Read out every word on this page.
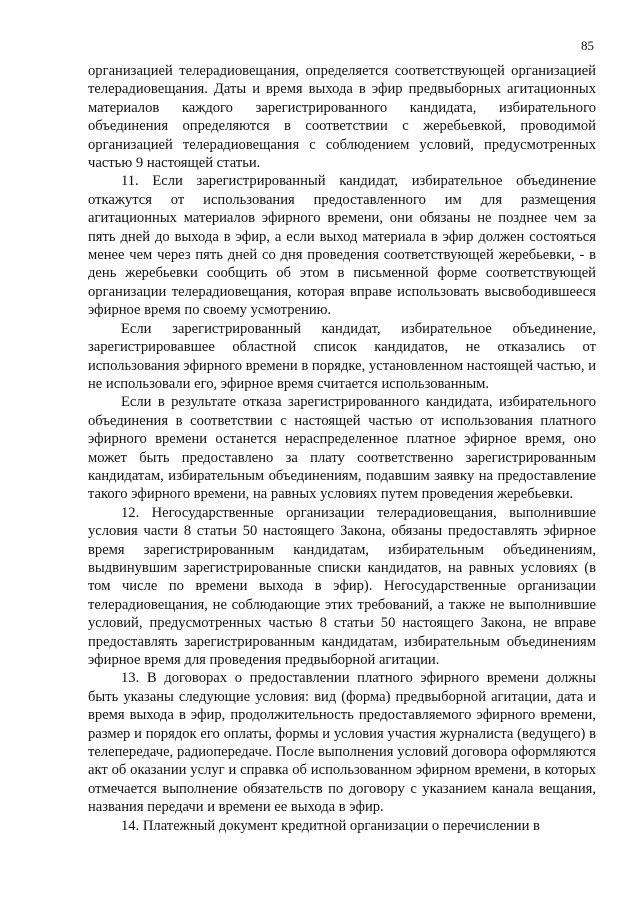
85

организацией телерадиовещания, определяется соответствующей организацией телерадиовещания. Даты и время выхода в эфир предвыборных агитационных материалов каждого зарегистрированного кандидата, избирательного объединения определяются в соответствии с жеребьевкой, проводимой организацией телерадиовещания с соблюдением условий, предусмотренных частью 9 настоящей статьи.

11. Если зарегистрированный кандидат, избирательное объединение откажутся от использования предоставленного им для размещения агитационных материалов эфирного времени, они обязаны не позднее чем за пять дней до выхода в эфир, а если выход материала в эфир должен состояться менее чем через пять дней со дня проведения соответствующей жеребьевки, - в день жеребьевки сообщить об этом в письменной форме соответствующей организации телерадиовещания, которая вправе использовать высвободившееся эфирное время по своему усмотрению.

Если зарегистрированный кандидат, избирательное объединение, зарегистрировавшее областной список кандидатов, не отказались от использования эфирного времени в порядке, установленном настоящей частью, и не использовали его, эфирное время считается использованным.

Если в результате отказа зарегистрированного кандидата, избирательного объединения в соответствии с настоящей частью от использования платного эфирного времени останется нераспределенное платное эфирное время, оно может быть предоставлено за плату соответственно зарегистрированным кандидатам, избирательным объединениям, подавшим заявку на предоставление такого эфирного времени, на равных условиях путем проведения жеребьевки.

12. Негосударственные организации телерадиовещания, выполнившие условия части 8 статьи 50 настоящего Закона, обязаны предоставлять эфирное время зарегистрированным кандидатам, избирательным объединениям, выдвинувшим зарегистрированные списки кандидатов, на равных условиях (в том числе по времени выхода в эфир). Негосударственные организации телерадиовещания, не соблюдающие этих требований, а также не выполнившие условий, предусмотренных частью 8 статьи 50 настоящего Закона, не вправе предоставлять зарегистрированным кандидатам, избирательным объединениям эфирное время для проведения предвыборной агитации.

13. В договорах о предоставлении платного эфирного времени должны быть указаны следующие условия: вид (форма) предвыборной агитации, дата и время выхода в эфир, продолжительность предоставляемого эфирного времени, размер и порядок его оплаты, формы и условия участия журналиста (ведущего) в телепередаче, радиопередаче. После выполнения условий договора оформляются акт об оказании услуг и справка об использованном эфирном времени, в которых отмечается выполнение обязательств по договору с указанием канала вещания, названия передачи и времени ее выхода в эфир.

14. Платежный документ кредитной организации о перечислении в
